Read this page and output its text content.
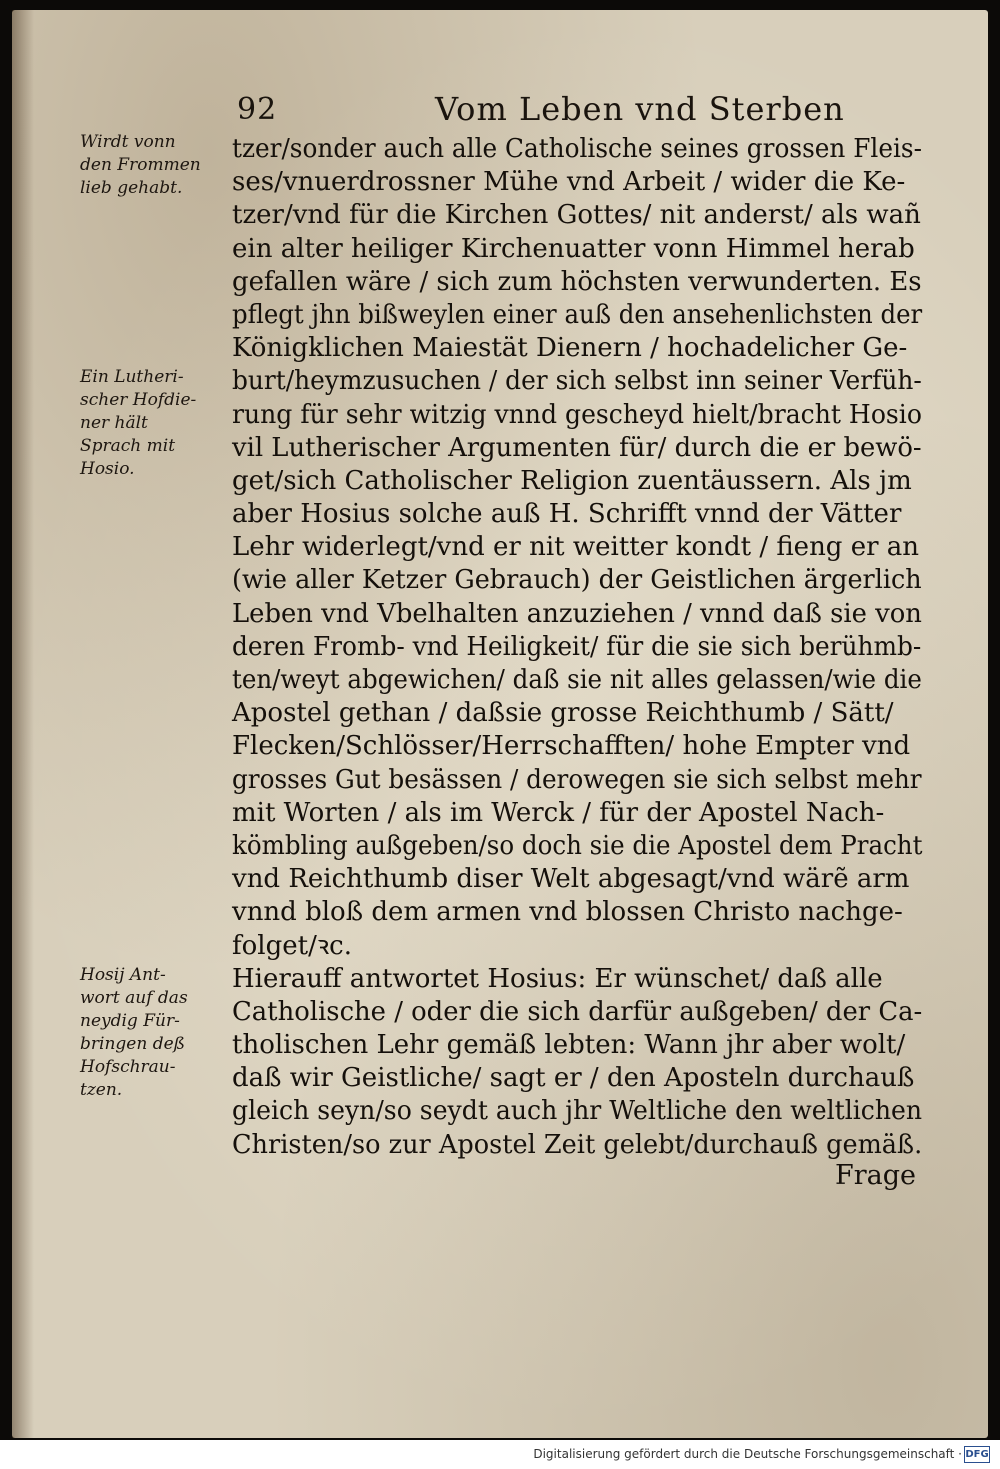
92	Vom Leben vnd Sterben
Wirdt vonn
den Frommen
lieb gehabt.
Ein Lutheri-
scher Hofdie-
ner hält
Sprach mit
Hosio.
Hosij Ant-
wort auf das
neydig Für-
bringen deß
Hofschrau-
tzen.
tzer/sonder auch alle Catholische seines grossen Fleis-
ses/vnuerdrossner Mühe vnd Arbeit / wider die Ke-
tzer/vnd für die Kirchen Gottes/ nit anderst/ als wañ
ein alter heiliger Kirchenuatter vonn Himmel herab
gefallen wäre / sich zum höchsten verwunderten. Es
pflegt jhn bißweylen einer auß den ansehenlichsten der
Königklichen Maiestät Dienern / hochadelicher Ge-
burt/heymzusuchen / der sich selbst inn seiner Verfüh-
rung für sehr witzig vnnd gescheyd hielt/bracht Hosio
vil Lutherischer Argumenten für/ durch die er bewö-
get/sich Catholischer Religion zuentäussern. Als jm
aber Hosius solche auß H. Schrifft vnnd der Vätter
Lehr widerlegt/vnd er nit weitter kondt / fieng er an
(wie aller Ketzer Gebrauch) der Geistlichen ärgerlich
Leben vnd Vbelhalten anzuziehen / vnnd daß sie von
deren Fromb- vnd Heiligkeit/ für die sie sich berühmb-
ten/weyt abgewichen/ daß sie nit alles gelassen/wie die
Apostel gethan / daßsie grosse Reichthumb / Sätt/
Flecken/Schlösser/Herrschafften/ hohe Empter vnd
grosses Gut besässen / derowegen sie sich selbst mehr
mit Worten / als im Werck / für der Apostel Nach-
kömbling außgeben/so doch sie die Apostel dem Pracht
vnd Reichthumb diser Welt abgesagt/vnd wärẽ arm
vnnd bloß dem armen vnd blossen Christo nachge-
folget/ꝛc.
Hierauff antwortet Hosius: Er wünschet/ daß alle
Catholische / oder die sich darfür außgeben/ der Ca-
tholischen Lehr gemäß lebten: Wann jhr aber wolt/
daß wir Geistliche/ sagt er / den Aposteln durchauß
gleich seyn/so seydt auch jhr Weltliche den weltlichen
Christen/so zur Apostel Zeit gelebt/durchauß gemäß.
Frage
Digitalisierung gefördert durch die Deutsche Forschungsgemeinschaft · DFG
